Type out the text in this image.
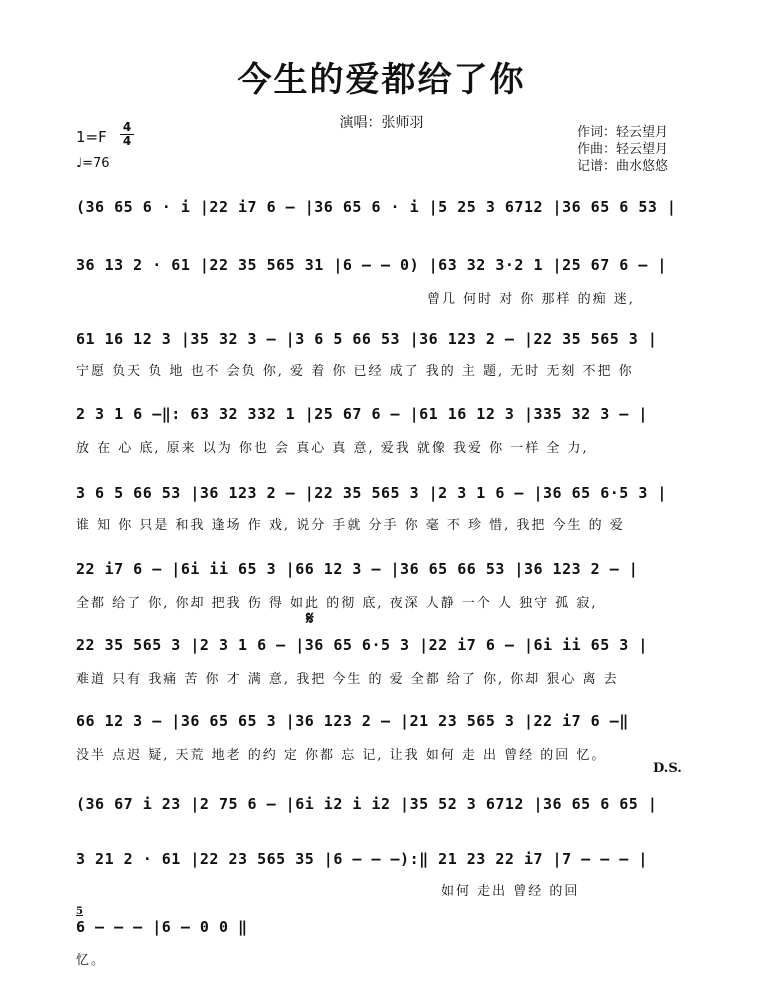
今生的爱都给了你
演唱：张师羽
1=F
4
4
♩=76
作词：轻云望月
作曲：轻云望月
记谱：曲水悠悠
(36 65 6 · i |22 i7 6 – |36 65 6 · i |5 25 3 6712 |36 65 6 53 |
36 13 2 · 61 |22 35 565 31 |6 – – 0) |63 32 3·2 1 |25 67 6 – |
曾几 何时 对 你 那样 的痴 迷,
61 16 12 3 |35 32 3 – |3 6 5 66 53 |36 123 2 – |22 35 565 3 |
宁愿 负天 负 地 也不 会负 你, 爱 着 你 已经 成了 我的 主 题, 无时 无刻 不把 你
2 3 1 6 –‖: 63 32 332 1 |25 67 6 – |61 16 12 3 |335 32 3 – |
放 在 心 底, 原来 以为 你也 会 真心 真 意, 爱我 就像 我爱 你 一样 全 力,
3 6 5 66 53 |36 123 2 – |22 35 565 3 |2 3 1 6 – |36 65 6·5 3 |
谁 知 你 只是 和我 逢场 作 戏, 说分 手就 分手 你 毫 不 珍 惜, 我把 今生 的 爱
22 i7 6 – |6i ii 65 3 |66 12 3 – |36 65 66 53 |36 123 2 – |
全都 给了 你, 你却 把我 伤 得 如此 的彻 底, 夜深 人静 一个 人 独守 孤 寂,
𝄋
22 35 565 3 |2 3 1 6 – |36 65 6·5 3 |22 i7 6 – |6i ii 65 3 |
难道 只有 我痛 苦 你 才 满 意, 我把 今生 的 爱 全都 给了 你, 你却 狠心 离 去
66 12 3 – |36 65 65 3 |36 123 2 – |21 23 565 3 |22 i7 6 –‖
没半 点迟 疑, 天荒 地老 的约 定 你都 忘 记, 让我 如何 走 出 曾经 的回 忆。
D.S.
(36 67 i 23 |2 75 6 – |6i i2 i i2 |35 52 3 6712 |36 65 6 65 |
3 21 2 · 61 |22 23 565 35 |6 – – –):‖ 21 23 22 i7 |7 – – – |
如何 走出 曾经 的回
5
6 – – – |6 – 0 0 ‖
忆。
